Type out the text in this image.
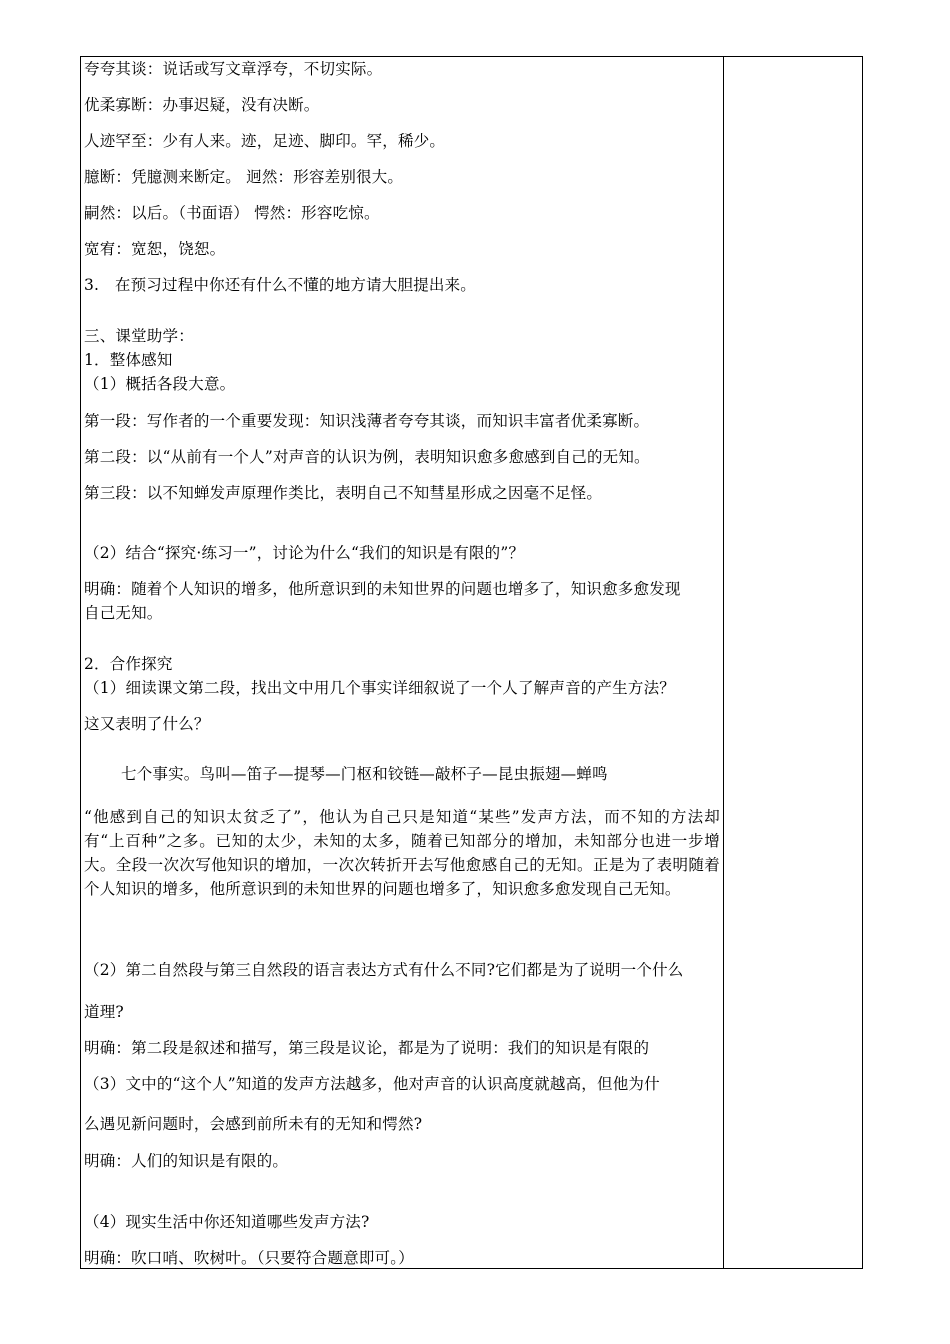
夸夸其谈：说话或写文章浮夸，不切实际。
优柔寡断：办事迟疑，没有决断。
人迹罕至：少有人来。迹，足迹、脚印。罕，稀少。
臆断：凭臆测来断定。 迥然：形容差别很大。
嗣然：以后。（书面语） 愕然：形容吃惊。
宽宥：宽恕，饶恕。
3.　在预习过程中你还有什么不懂的地方请大胆提出来。
三、课堂助学：
1．整体感知
（1）概括各段大意。
第一段：写作者的一个重要发现：知识浅薄者夸夸其谈，而知识丰富者优柔寡断。
第二段：以“从前有一个人”对声音的认识为例，表明知识愈多愈感到自己的无知。
第三段：以不知蝉发声原理作类比，表明自己不知彗星形成之因毫不足怪。
（2）结合“探究·练习一”，讨论为什么“我们的知识是有限的”？
明确：随着个人知识的增多，他所意识到的未知世界的问题也增多了，知识愈多愈发现
自己无知。
2．合作探究
（1）细读课文第二段，找出文中用几个事实详细叙说了一个人了解声音的产生方法？
这又表明了什么？
七个事实。鸟叫—笛子—提琴—门枢和铰链—敲杯子—昆虫振翅—蝉鸣
“他感到自己的知识太贫乏了”，他认为自己只是知道“某些”发声方法，而不知的方法却有“上百种”之多。已知的太少，未知的太多，随着已知部分的增加，未知部分也进一步增大。全段一次次写他知识的增加，一次次转折开去写他愈感自己的无知。正是为了表明随着个人知识的增多，他所意识到的未知世界的问题也增多了，知识愈多愈发现自己无知。
（2）第二自然段与第三自然段的语言表达方式有什么不同?它们都是为了说明一个什么
道理?
明确：第二段是叙述和描写，第三段是议论，都是为了说明：我们的知识是有限的
（3）文中的“这个人”知道的发声方法越多，他对声音的认识高度就越高，但他为什
么遇见新问题时，会感到前所未有的无知和愕然?
明确：人们的知识是有限的。
（4）现实生活中你还知道哪些发声方法?
明确：吹口哨、吹树叶。（只要符合题意即可。）
